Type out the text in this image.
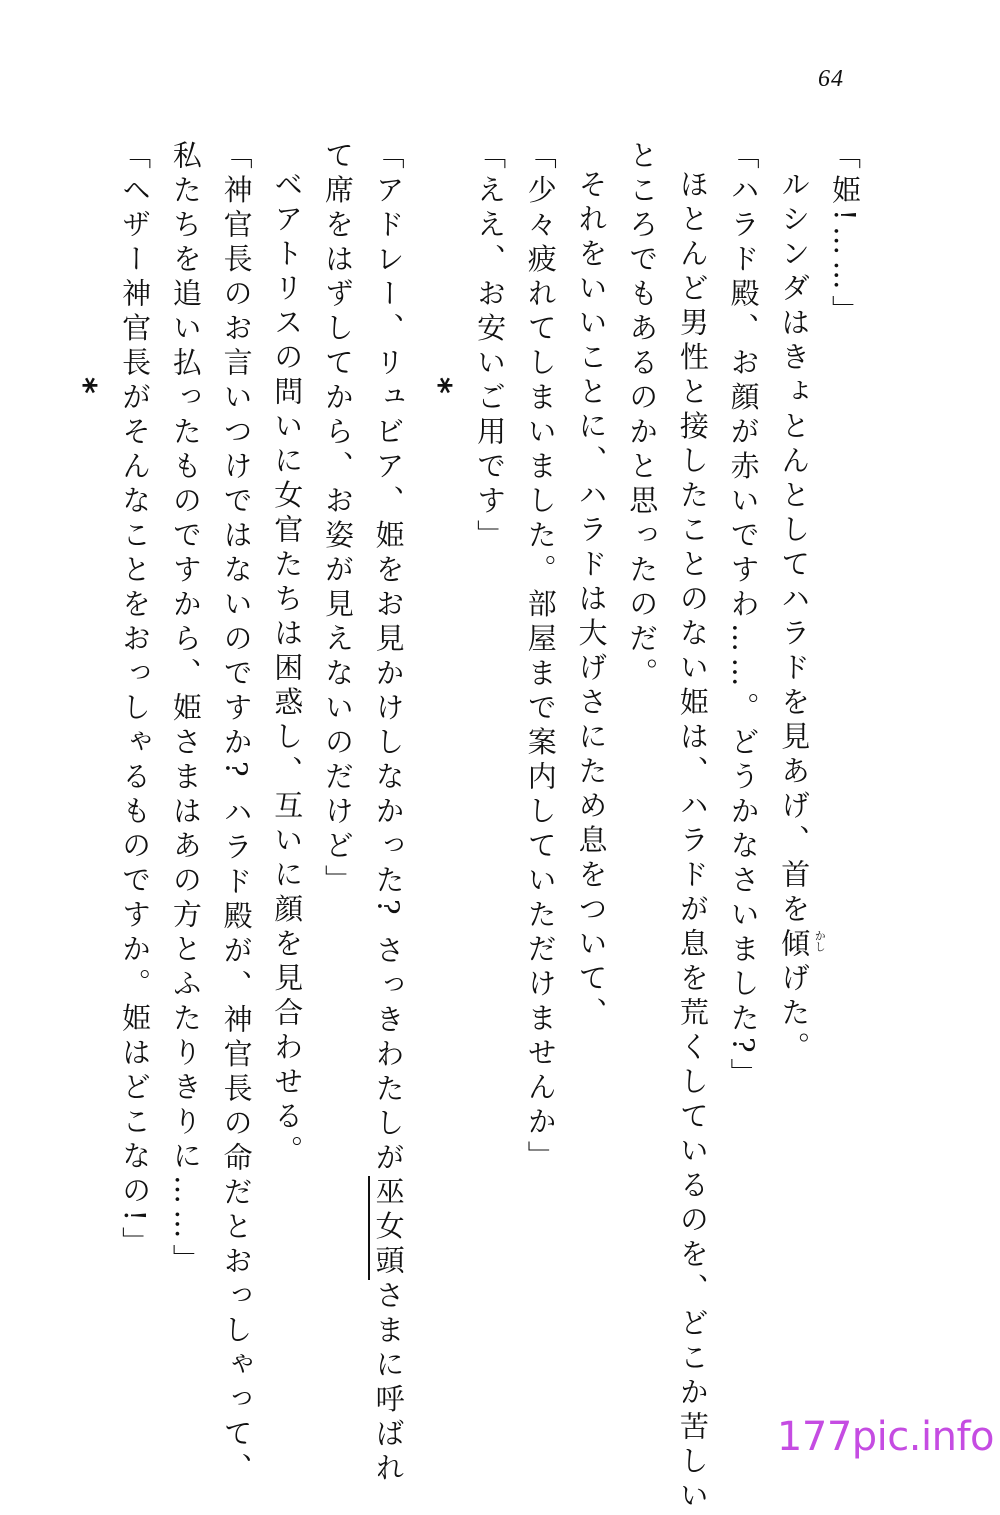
64
「姫!……」
ルシンダはきょとんとしてハラドを見あげ、首を傾 かし
げた。
「ハラド殿、お顔が赤いですわ……。どうかなさいました?」
ほとんど男性と接したことのない姫は、ハラドが息を荒くしているのを、どこか苦しい
ところでもあるのかと思ったのだ。
それをいいことに、ハラドは大げさにため息をついて、
「少々疲れてしまいました。部屋まで案内していただけませんか」
「ええ、お安いご用です」
*
「アドレー、リュビア、姫をお見かけしなかった? さっきわたしが巫女頭さまに呼ばれ
て席をはずしてから、お姿が見えないのだけど」
ベアトリスの問いに女官たちは困惑し、互いに顔を見合わせる。
「神官長のお言いつけではないのですか? ハラド殿が、神官長の命だとおっしゃって、
私たちを追い払ったものですから、姫さまはあの方とふたりきりに……」
「ヘザー神官長がそんなことをおっしゃるものですか。姫はどこなの!」
*
177pic.info
